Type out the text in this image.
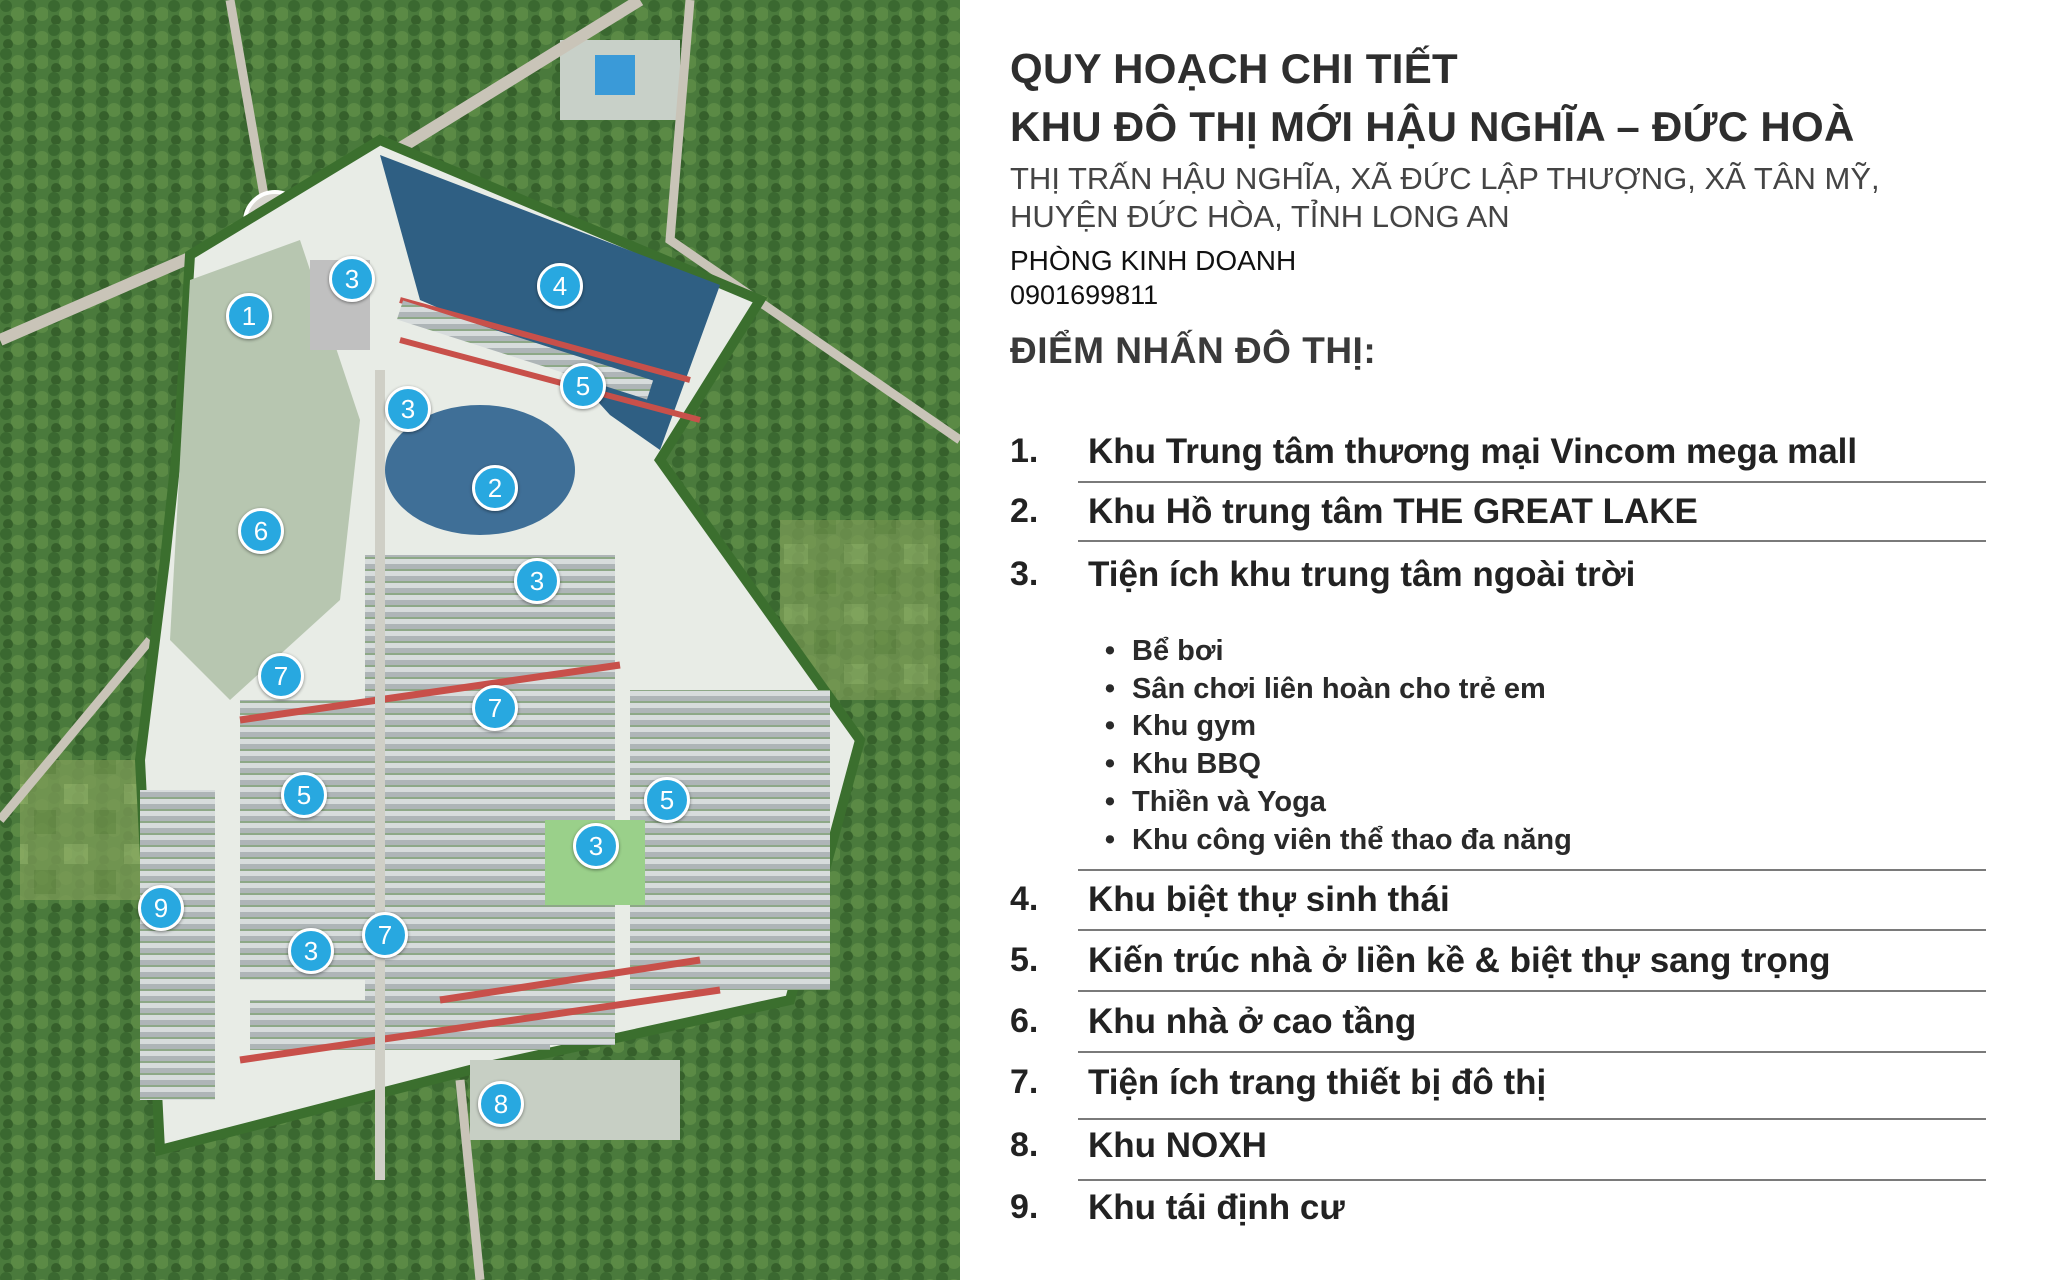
1
3	4
5
3
2
6
3
7
7
5	5
3
9
3
7
8
QUY HOẠCH CHI TIẾT
KHU ĐÔ THỊ MỚI HẬU NGHĨA – ĐỨC HOÀ
THỊ TRẤN HẬU NGHĨA, XÃ ĐỨC LẬP THƯỢNG, XÃ TÂN MỸ,
HUYỆN ĐỨC HÒA, TỈNH LONG AN
PHÒNG KINH DOANH
0901699811
ĐIỂM NHẤN ĐÔ THỊ:
1. Khu Trung tâm thương mại Vincom mega mall
2. Khu Hồ trung tâm THE GREAT LAKE
3. Tiện ích khu trung tâm ngoài trời
• Bể bơi
• Sân chơi liên hoàn cho trẻ em
• Khu gym
• Khu BBQ
• Thiền và Yoga
• Khu công viên thể thao đa năng
4. Khu biệt thự sinh thái
5. Kiến trúc nhà ở liền kề & biệt thự sang trọng
6. Khu nhà ở cao tầng
7. Tiện ích trang thiết bị đô thị
8. Khu NOXH
9. Khu tái định cư
